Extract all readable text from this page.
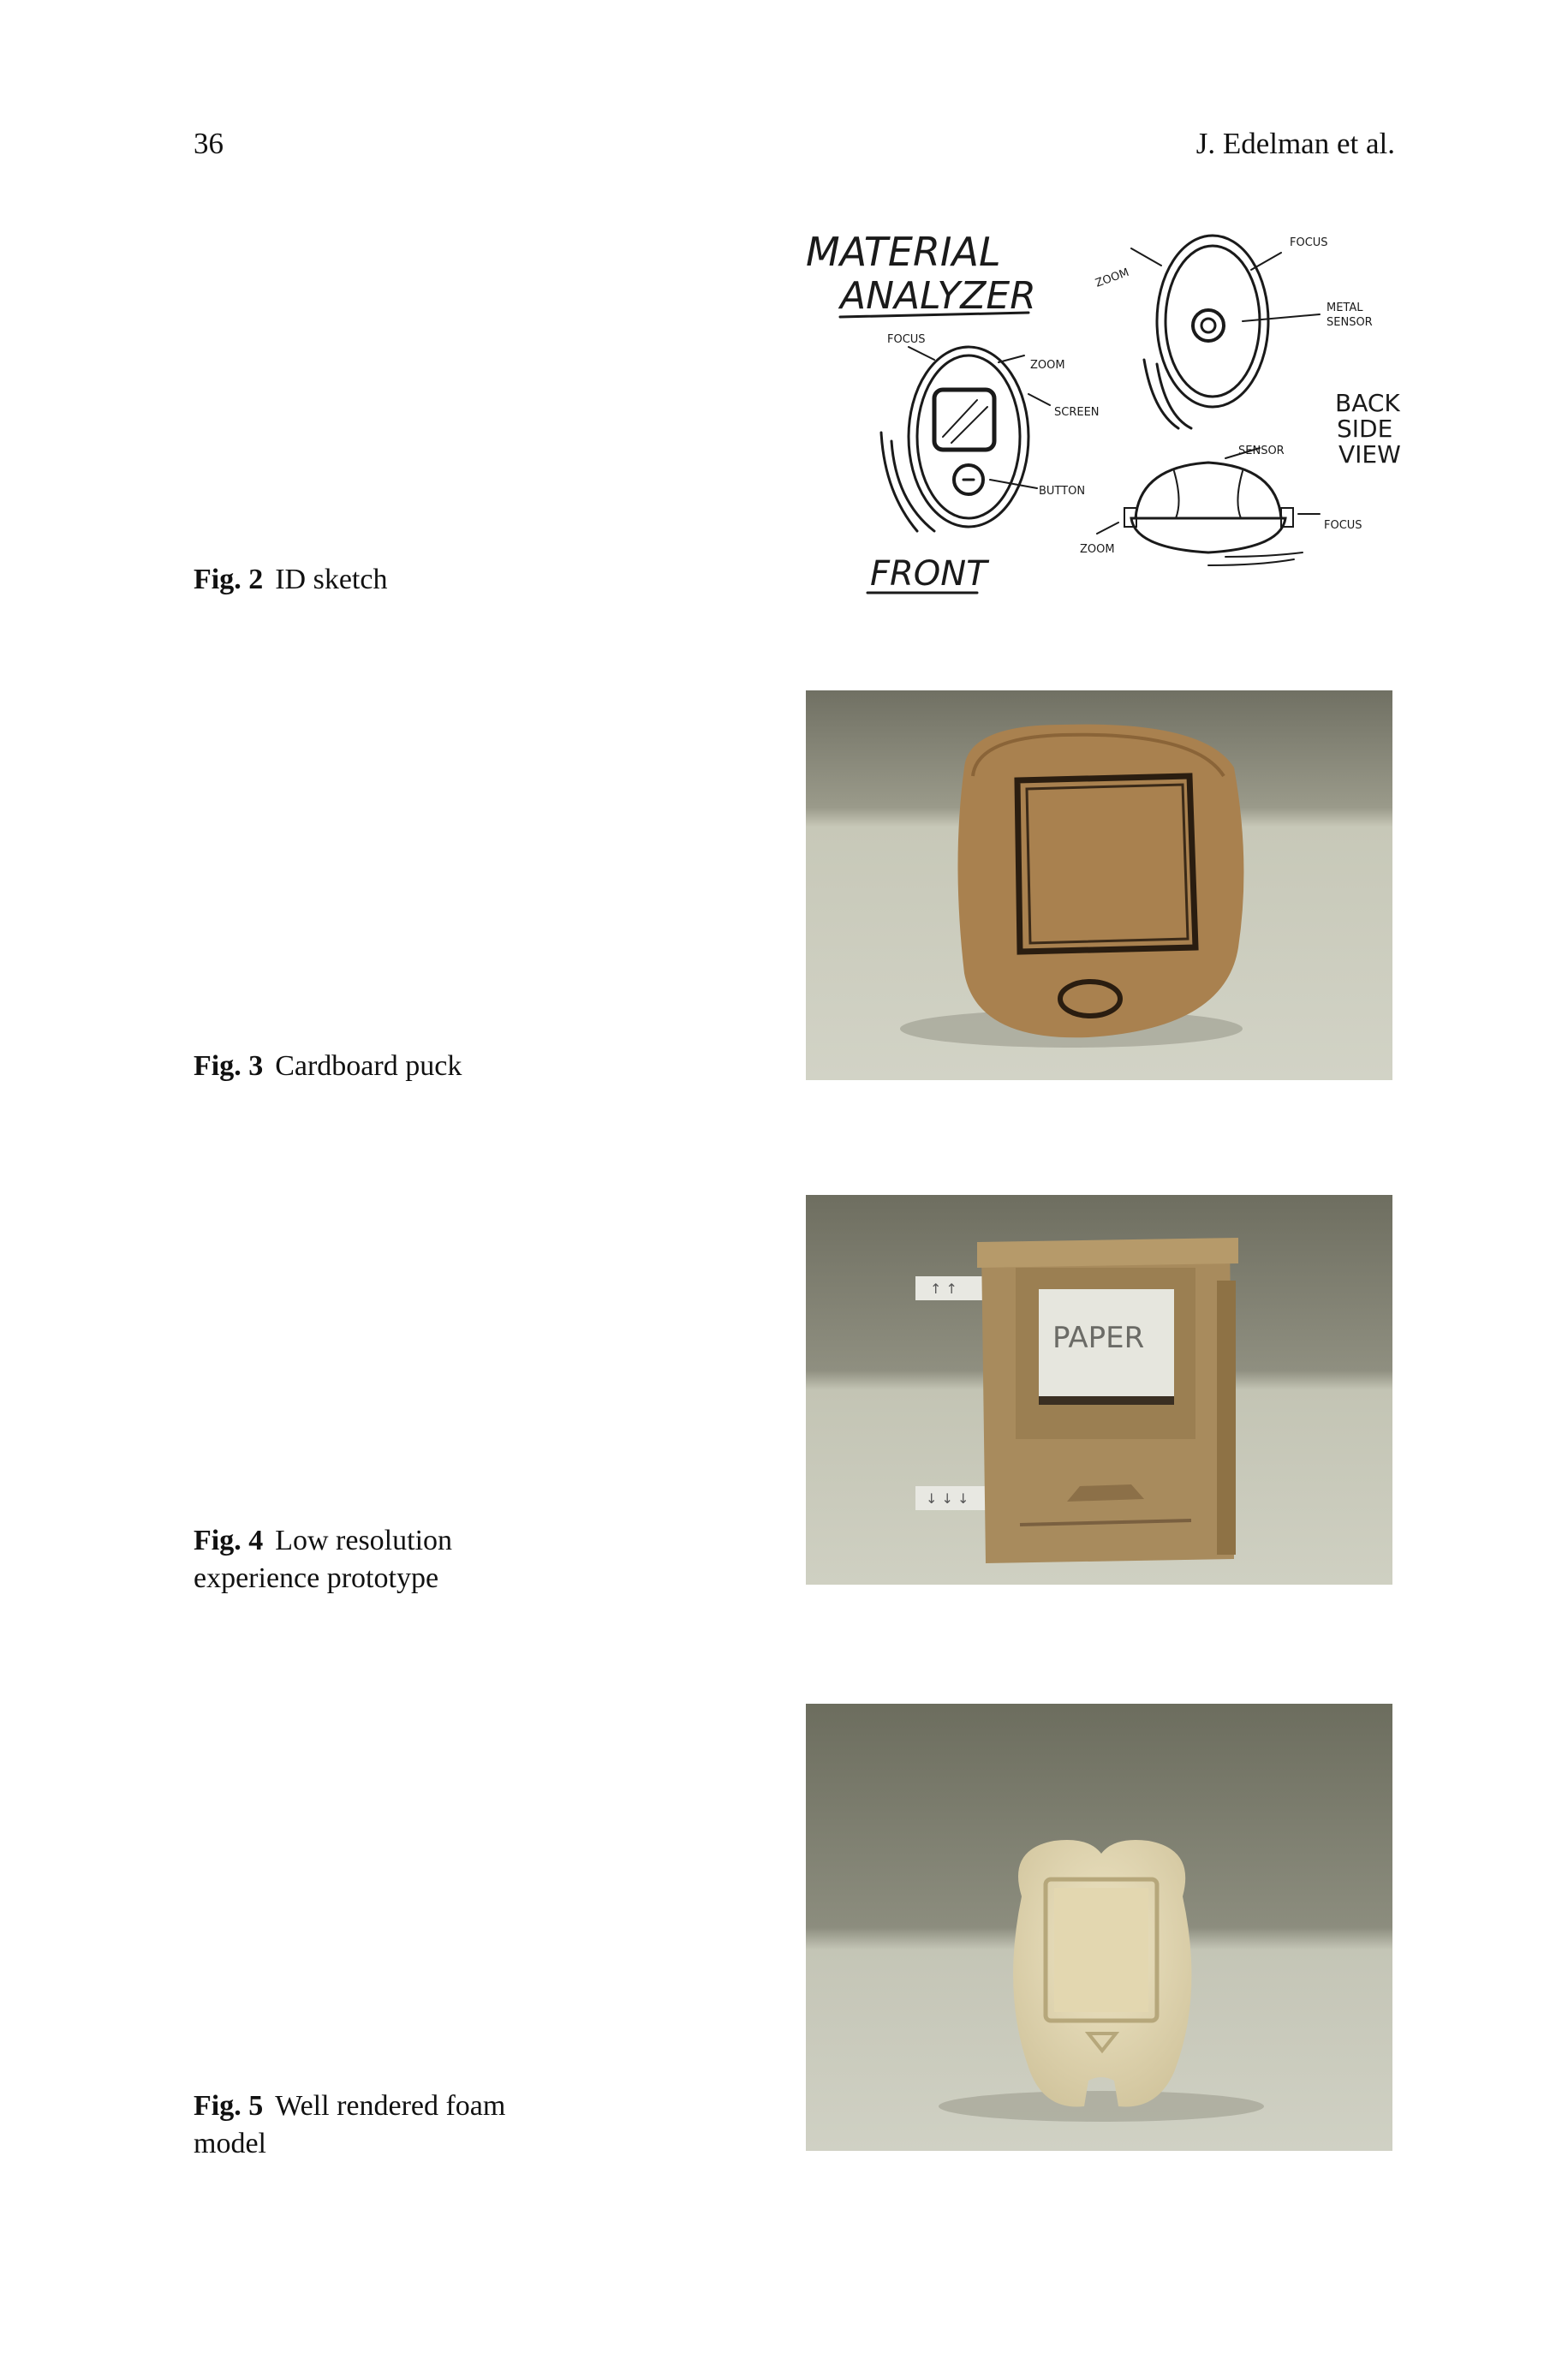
36	J. Edelman et al.
Fig. 2 ID sketch
MATERIAL
ANALYZER
FOCUS
ZOOM
SCREEN
BUTTON
FRONT
ZOOM
FOCUS
METAL
SENSOR
BACK
SIDE
VIEW
SENSOR
FOCUS
ZOOM
Fig. 3 Cardboard puck
Fig. 4 Low resolution experience prototype
↑ ↑
↓ ↓ ↓
PAPER
Fig. 5 Well rendered foam model
